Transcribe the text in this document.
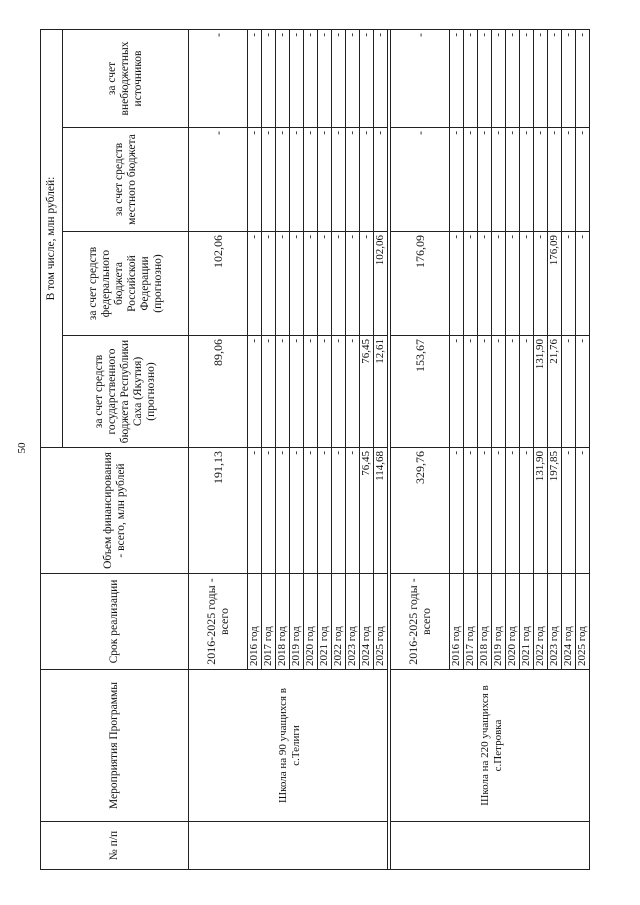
50
№ п/п	Мероприятия Программы	Срок реализации	Объем финансирования - всего, млн рублей	В том числе, млн рублей:			
				за счет средств государственного бюджета Республики Саха (Якутия) (прогнозно)	за счет средств федерального бюджета Российской Федерации (прогнозно)	за счет средств местного бюджета	за счет внебюджетных источников
	Школа на 90 учащихся в с.Телиги	2016-2025 годы - всего	191,13	89,06	102,06	-	-
		2016 год	-	-	-	-	-
		2017 год	-	-	-	-	-
		2018 год	-	-	-	-	-
		2019 год	-	-	-	-	-
		2020 год	-	-	-	-	-
		2021 год	-	-	-	-	-
		2022 год	-	-	-	-	-
		2023 год	-	-	-	-	-
		2024 год	76,45	76,45	-	-	-
		2025 год	114,68	12,61	102,06	-	-

	Школа на 220 учащихся в с.Петровка	2016-2025 годы - всего	329,76	153,67	176,09	-	-
		2016 год	-	-	-	-	-
		2017 год	-	-	-	-	-
		2018 год	-	-	-	-	-
		2019 год	-	-	-	-	-
		2020 год	-	-	-	-	-
		2021 год	-	-	-	-	-
		2022 год	131,90	131,90	-	-	-
		2023 год	197,85	21,76	176,09	-	-
		2024 год	-	-	-	-	-
		2025 год	-	-	-	-	-
